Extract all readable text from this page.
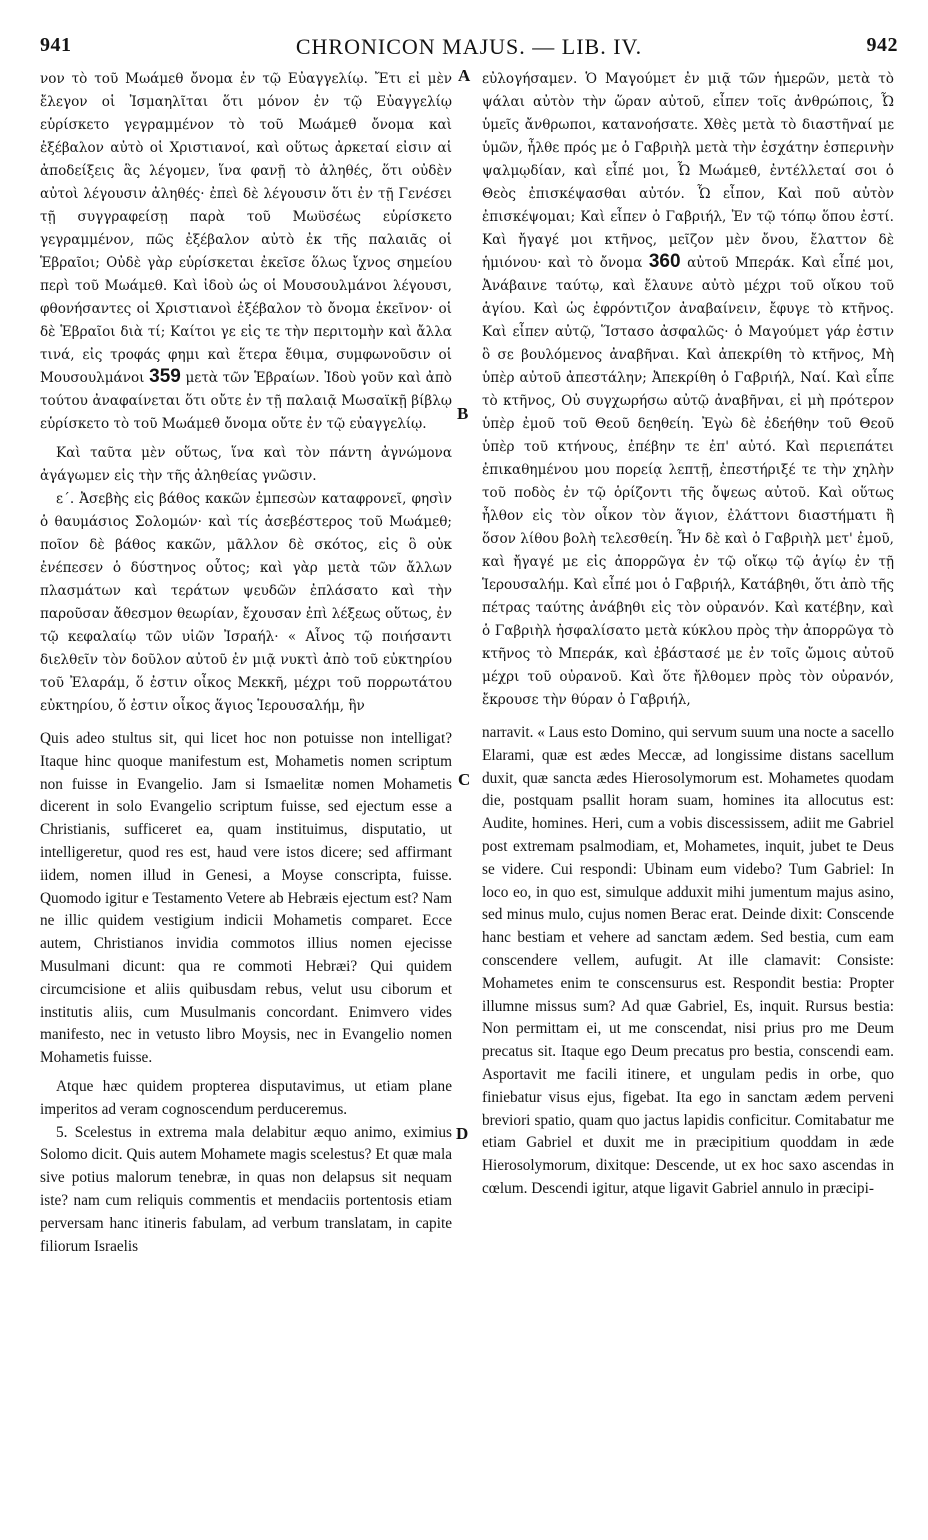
941	CHRONICON MAJUS. — LIB. IV.	942
A
B
C
D

νον τὸ τοῦ Μωάμεθ ὄνομα ἐν τῷ Εὐαγγελίῳ. Ἔτι εἰ μὲν ἔλεγον οἱ Ἰσμαηλῖται ὅτι μόνον ἐν τῷ Εὐαγγελίῳ εὑρίσκετο γεγραμμένον τὸ τοῦ Μωάμεθ ὄνομα καὶ ἐξέβαλον αὐτὸ οἱ Χριστιανοί, καὶ οὕτως ἀρκεταί εἰσιν αἱ ἀποδείξεις ἃς λέγομεν, ἵνα φανῇ τὸ ἀληθές, ὅτι οὐδὲν αὐτοὶ λέγουσιν ἀληθές· ἐπεὶ δὲ λέγουσιν ὅτι ἐν τῇ Γενέσει τῇ συγγραφείσῃ παρὰ τοῦ Μωϋσέως εὑρίσκετο γεγραμμένον, πῶς ἐξέβαλον αὐτὸ ἐκ τῆς παλαιᾶς οἱ Ἑβραῖοι; Οὐδὲ γὰρ εὑρίσκεται ἐκεῖσε ὅλως ἴχνος σημείου περὶ τοῦ Μωάμεθ. Καὶ ἰδοὺ ὡς οἱ Μουσουλμάνοι λέγουσι, φθονήσαντες οἱ Χριστιανοὶ ἐξέβαλον τὸ ὄνομα ἐκεῖνον· οἱ δὲ Ἑβραῖοι διὰ τί; Καίτοι γε εἰς τε τὴν περιτομὴν καὶ ἄλλα τινά, εἰς τροφάς φημι καὶ ἕτερα ἔθιμα, συμφωνοῦσιν οἱ Μουσουλμάνοι 359 μετὰ τῶν Ἑβραίων. Ἰδοὺ γοῦν καὶ ἀπὸ τούτου ἀναφαίνεται ὅτι οὔτε ἐν τῇ παλαιᾷ Μωσαϊκῇ βίβλῳ εὑρίσκετο τὸ τοῦ Μωάμεθ ὄνομα οὔτε ἐν τῷ εὐαγγελίῳ.

Καὶ ταῦτα μὲν οὕτως, ἵνα καὶ τὸν πάντη ἀγνώμονα ἀγάγωμεν εἰς τὴν τῆς ἀληθείας γνῶσιν.

ε΄. Ἀσεβὴς εἰς βάθος κακῶν ἐμπεσὼν καταφρονεῖ, φησὶν ὁ θαυμάσιος Σολομών· καὶ τίς ἀσεβέστερος τοῦ Μωάμεθ; ποῖον δὲ βάθος κακῶν, μᾶλλον δὲ σκότος, εἰς ὃ οὐκ ἐνέπεσεν ὁ δύστηνος οὗτος; καὶ γὰρ μετὰ τῶν ἄλλων πλασμάτων καὶ τεράτων ψευδῶν ἐπλάσατο καὶ τὴν παροῦσαν ἄθεσμον θεωρίαν, ἔχουσαν ἐπὶ λέξεως οὕτως, ἐν τῷ κεφαλαίῳ τῶν υἱῶν Ἰσραήλ· « Αἶνος τῷ ποιήσαντι διελθεῖν τὸν δοῦλον αὐτοῦ ἐν μιᾷ νυκτὶ ἀπὸ τοῦ εὐκτηρίου τοῦ Ἐλαράμ, ὅ ἐστιν οἶκος Μεκκῆ, μέχρι τοῦ πορρωτάτου εὐκτηρίου, ὅ ἐστιν οἶκος ἅγιος Ἱερουσαλήμ, ἣν

Quis adeo stultus sit, qui licet hoc non potuisse non intelligat? Itaque hinc quoque manifestum est, Mohametis nomen scriptum non fuisse in Evangelio. Jam si Ismaelitæ nomen Mohametis dicerent in solo Evangelio scriptum fuisse, sed ejectum esse a Christianis, sufficeret ea, quam instituimus, disputatio, ut intelligeretur, quod res est, haud vere istos dicere; sed affirmant iidem, nomen illud in Genesi, a Moyse conscripta, fuisse. Quomodo igitur e Testamento Vetere ab Hebræis ejectum est? Nam ne illic quidem vestigium indicii Mohametis comparet. Ecce autem, Christianos invidia commotos illius nomen ejecisse Musulmani dicunt: qua re commoti Hebræi? Qui quidem circumcisione et aliis quibusdam rebus, velut usu ciborum et institutis aliis, cum Musulmanis concordant. Enimvero vides manifesto, nec in vetusto libro Moysis, nec in Evangelio nomen Mohametis fuisse.

Atque hæc quidem propterea disputavimus, ut etiam plane imperitos ad veram cognoscendum perduceremus.

5. Scelestus in extrema mala delabitur æquo animo, eximius Solomo dicit. Quis autem Mohamete magis scelestus? Et quæ mala sive potius malorum tenebræ, in quas non delapsus sit nequam iste? nam cum reliquis commentis et mendaciis portentosis etiam perversam hanc itineris fabulam, ad verbum translatam, in capite filiorum Israelis

εὐλογήσαμεν. Ὁ Μαγούμετ ἐν μιᾷ τῶν ἡμερῶν, μετὰ τὸ ψάλαι αὐτὸν τὴν ὥραν αὐτοῦ, εἶπεν τοῖς ἀνθρώποις, Ὦ ὑμεῖς ἄνθρωποι, κατανοήσατε. Χθὲς μετὰ τὸ διαστῆναί με ὑμῶν, ἦλθε πρός με ὁ Γαβριὴλ μετὰ τὴν ἐσχάτην ἑσπερινὴν ψαλμῳδίαν, καὶ εἶπέ μοι, Ὦ Μωάμεθ, ἐντέλλεταί σοι ὁ Θεὸς ἐπισκέψασθαι αὐτόν. Ὧ εἶπον, Καὶ ποῦ αὐτὸν ἐπισκέψομαι; Καὶ εἶπεν ὁ Γαβριήλ, Ἐν τῷ τόπῳ ὅπου ἐστί. Καὶ ἤγαγέ μοι κτῆνος, μεῖζον μὲν ὄνου, ἔλαττον δὲ ἡμιόνου· καὶ τὸ ὄνομα 360 αὐτοῦ Μπεράκ. Καὶ εἶπέ μοι, Ἀνάβαινε ταύτῳ, καὶ ἔλαυνε αὐτὸ μέχρι τοῦ οἴκου τοῦ ἁγίου. Καὶ ὡς ἐφρόντιζον ἀναβαίνειν, ἔφυγε τὸ κτῆνος. Καὶ εἶπεν αὐτῷ, Ἵστασο ἀσφαλῶς· ὁ Μαγούμετ γάρ ἐστιν ὃ σε βουλόμενος ἀναβῆναι. Καὶ ἀπεκρίθη τὸ κτῆνος, Μὴ ὑπὲρ αὐτοῦ ἀπεστάλην; Ἀπεκρίθη ὁ Γαβριήλ, Ναί. Καὶ εἶπε τὸ κτῆνος, Οὐ συγχωρήσω αὐτῷ ἀναβῆναι, εἰ μὴ πρότερον ὑπὲρ ἐμοῦ τοῦ Θεοῦ δεηθείη. Ἐγὼ δὲ ἐδεήθην τοῦ Θεοῦ ὑπὲρ τοῦ κτήνους, ἐπέβην τε ἐπ' αὐτό. Καὶ περιεπάτει ἐπικαθημένου μου πορείᾳ λεπτῇ, ἐπεστήριξέ τε τὴν χηλὴν τοῦ ποδὸς ἐν τῷ ὁρίζοντι τῆς ὄψεως αὐτοῦ. Καὶ οὕτως ἦλθον εἰς τὸν οἶκον τὸν ἅγιον, ἐλάττονι διαστήματι ἢ ὅσον λίθου βολὴ τελεσθείη. Ἦν δὲ καὶ ὁ Γαβριὴλ μετ' ἐμοῦ, καὶ ἤγαγέ με εἰς ἀπορρῶγα ἐν τῷ οἴκῳ τῷ ἁγίῳ ἐν τῇ Ἱερουσαλήμ. Καὶ εἶπέ μοι ὁ Γαβριήλ, Κατάβηθι, ὅτι ἀπὸ τῆς πέτρας ταύτης ἀνάβηθι εἰς τὸν οὐρανόν. Καὶ κατέβην, καὶ ὁ Γαβριὴλ ἠσφαλίσατο μετὰ κύκλου πρὸς τὴν ἀπορρῶγα τὸ κτῆνος τὸ Μπεράκ, καὶ ἐβάστασέ με ἐν τοῖς ὤμοις αὐτοῦ μέχρι τοῦ οὐρανοῦ. Καὶ ὅτε ἤλθομεν πρὸς τὸν οὐρανόν, ἔκρουσε τὴν θύραν ὁ Γαβριήλ,

narravit. « Laus esto Domino, qui servum suum una nocte a sacello Elarami, quæ est ædes Meccæ, ad longissime distans sacellum duxit, quæ sancta ædes Hierosolymorum est. Mohametes quodam die, postquam psallit horam suam, homines ita allocutus est: Audite, homines. Heri, cum a vobis discessissem, adiit me Gabriel post extremam psalmodiam, et, Mohametes, inquit, jubet te Deus se videre. Cui respondi: Ubinam eum videbo? Tum Gabriel: In loco eo, in quo est, simulque adduxit mihi jumentum majus asino, sed minus mulo, cujus nomen Berac erat. Deinde dixit: Conscende hanc bestiam et vehere ad sanctam ædem. Sed bestia, cum eam conscendere vellem, aufugit. At ille clamavit: Consiste: Mohametes enim te conscensurus est. Respondit bestia: Propter illumne missus sum? Ad quæ Gabriel, Es, inquit. Rursus bestia: Non permittam ei, ut me conscendat, nisi prius pro me Deum precatus sit. Itaque ego Deum precatus pro bestia, conscendi eam. Asportavit me facili itinere, et ungulam pedis in orbe, quo finiebatur visus ejus, figebat. Ita ego in sanctam ædem perveni breviori spatio, quam quo jactus lapidis conficitur. Comitabatur me etiam Gabriel et duxit me in præcipitium quoddam in æde Hierosolymorum, dixitque: Descende, ut ex hoc saxo ascendas in cœlum. Descendi igitur, atque ligavit Gabriel annulo in præcipi-
